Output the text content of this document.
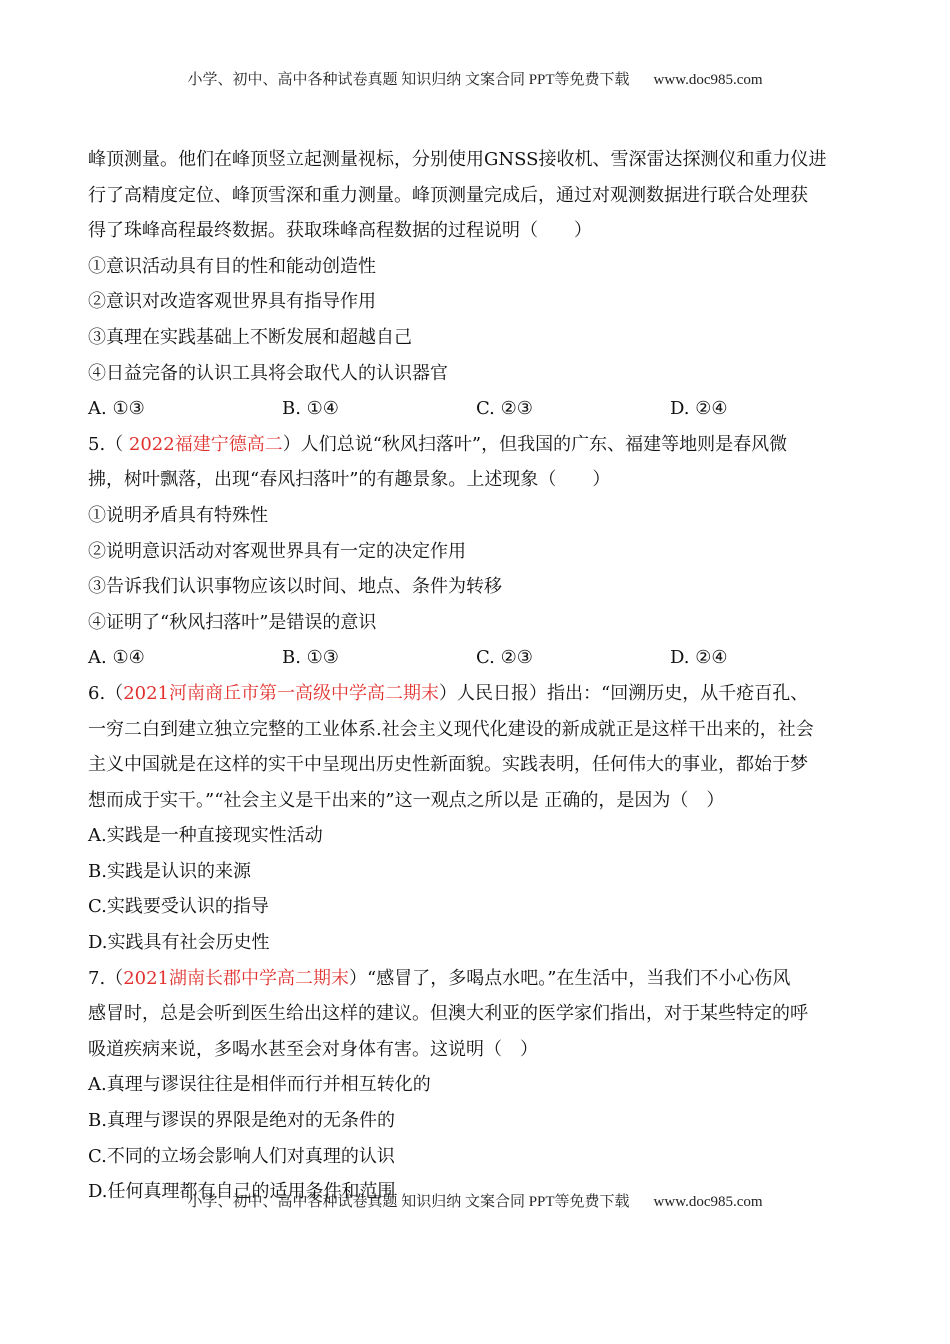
小学、初中、高中各种试卷真题 知识归纳 文案合同 PPT等免费下载 www.doc985.com
峰顶测量。他们在峰顶竖立起测量视标，分别使用GNSS接收机、雪深雷达探测仪和重力仪进
行了高精度定位、峰顶雪深和重力测量。峰顶测量完成后，通过对观测数据进行联合处理获
得了珠峰高程最终数据。获取珠峰高程数据的过程说明（　　）
①意识活动具有目的性和能动创造性
②意识对改造客观世界具有指导作用
③真理在实践基础上不断发展和超越自己
④日益完备的认识工具将会取代人的认识器官
A. ①③	B. ①④	C. ②③	D. ②④
5.（ 2022福建宁德高二）人们总说“秋风扫落叶”，但我国的广东、福建等地则是春风微
拂，树叶飘落，出现“春风扫落叶”的有趣景象。上述现象（　　）
①说明矛盾具有特殊性
②说明意识活动对客观世界具有一定的决定作用
③告诉我们认识事物应该以时间、地点、条件为转移
④证明了“秋风扫落叶”是错误的意识
A. ①④	B. ①③	C. ②③	D. ②④
6.（2021河南商丘市第一高级中学高二期末）人民日报）指出：“回溯历史，从千疮百孔、
一穷二白到建立独立完整的工业体系.社会主义现代化建设的新成就正是这样干出来的，社会
主义中国就是在这样的实干中呈现出历史性新面貌。实践表明，任何伟大的事业，都始于梦
想而成于实干。”“社会主义是干出来的”这一观点之所以是 正确的，是因为（　）
A.实践是一种直接现实性活动
B.实践是认识的来源
C.实践要受认识的指导
D.实践具有社会历史性
7.（2021湖南长郡中学高二期末）“感冒了，多喝点水吧。”在生活中，当我们不小心伤风
感冒时，总是会听到医生给出这样的建议。但澳大利亚的医学家们指出，对于某些特定的呼
吸道疾病来说，多喝水甚至会对身体有害。这说明（　）
A.真理与谬误往往是相伴而行并相互转化的
B.真理与谬误的界限是绝对的无条件的
C.不同的立场会影响人们对真理的认识
D.任何真理都有自己的适用条件和范围
小学、初中、高中各种试卷真题 知识归纳 文案合同 PPT等免费下载 www.doc985.com
